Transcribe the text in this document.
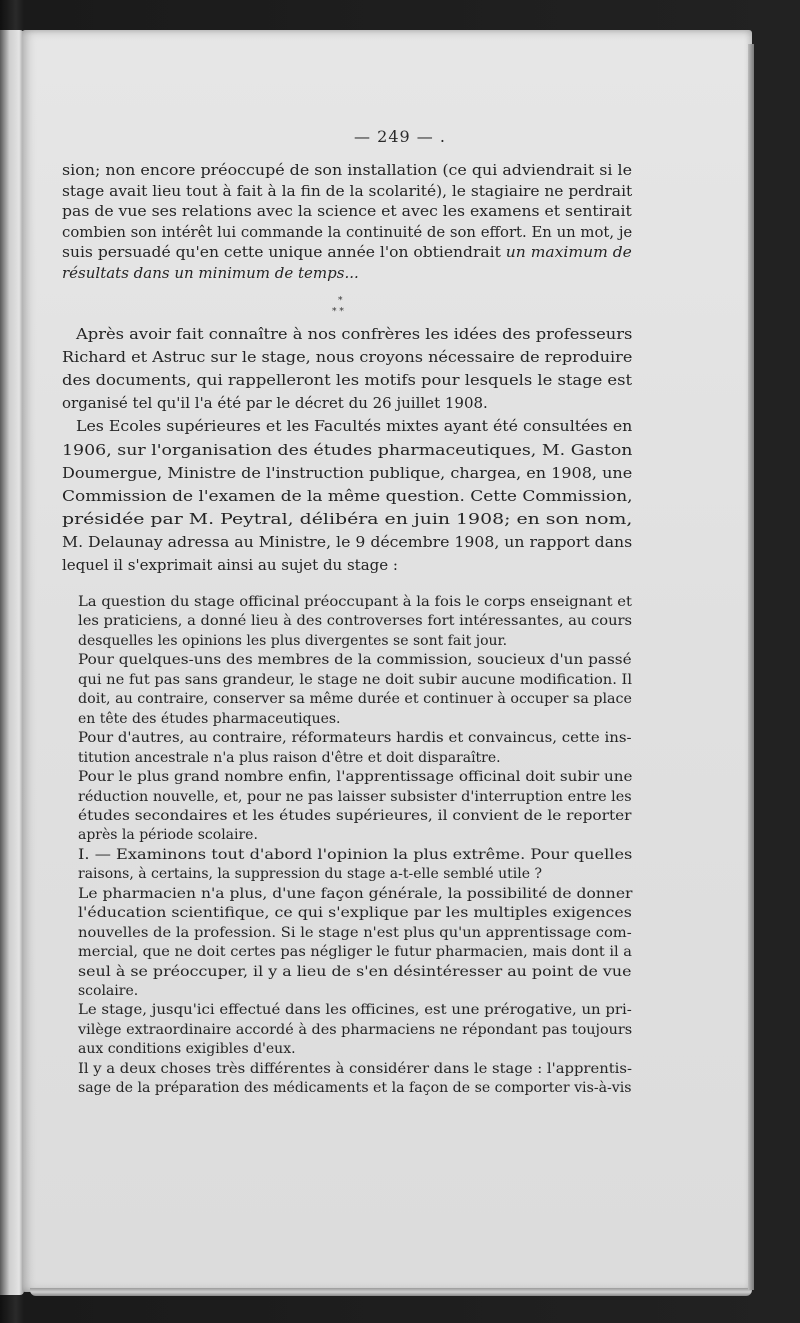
— 249 — .

sion; non encore préoccupé de son installation (ce qui adviendrait si le

stage avait lieu tout à fait à la fin de la scolarité), le stagiaire ne perdrait

pas de vue ses relations avec la science et avec les examens et sentirait

combien son intérêt lui commande la continuité de son effort. En un mot, je

suis persuadé qu'en cette unique année l'on obtiendrait un maximum de

résultats dans un minimum de temps...

*
* *

Après avoir fait connaître à nos confrères les idées des professeurs

Richard et Astruc sur le stage, nous croyons nécessaire de reproduire

des documents, qui rappelleront les motifs pour lesquels le stage est

organisé tel qu'il l'a été par le décret du 26 juillet 1908.

Les Ecoles supérieures et les Facultés mixtes ayant été consultées en

1906, sur l'organisation des études pharmaceutiques, M. Gaston

Doumergue, Ministre de l'instruction publique, chargea, en 1908, une

Commission de l'examen de la même question. Cette Commission,

présidée par M. Peytral, délibéra en juin 1908; en son nom,

M. Delaunay adressa au Ministre, le 9 décembre 1908, un rapport dans

lequel il s'exprimait ainsi au sujet du stage :

La question du stage officinal préoccupant à la fois le corps enseignant et

les praticiens, a donné lieu à des controverses fort intéressantes, au cours

desquelles les opinions les plus divergentes se sont fait jour.

Pour quelques-uns des membres de la commission, soucieux d'un passé

qui ne fut pas sans grandeur, le stage ne doit subir aucune modification. Il

doit, au contraire, conserver sa même durée et continuer à occuper sa place

en tête des études pharmaceutiques.

Pour d'autres, au contraire, réformateurs hardis et convaincus, cette ins-

titution ancestrale n'a plus raison d'être et doit disparaître.

Pour le plus grand nombre enfin, l'apprentissage officinal doit subir une

réduction nouvelle, et, pour ne pas laisser subsister d'interruption entre les

études secondaires et les études supérieures, il convient de le reporter

après la période scolaire.

I. — Examinons tout d'abord l'opinion la plus extrême. Pour quelles

raisons, à certains, la suppression du stage a-t-elle semblé utile ?

Le pharmacien n'a plus, d'une façon générale, la possibilité de donner

l'éducation scientifique, ce qui s'explique par les multiples exigences

nouvelles de la profession. Si le stage n'est plus qu'un apprentissage com-

mercial, que ne doit certes pas négliger le futur pharmacien, mais dont il a

seul à se préoccuper, il y a lieu de s'en désintéresser au point de vue

scolaire.

Le stage, jusqu'ici effectué dans les officines, est une prérogative, un pri-

vilège extraordinaire accordé à des pharmaciens ne répondant pas toujours

aux conditions exigibles d'eux.

Il y a deux choses très différentes à considérer dans le stage : l'apprentis-

sage de la préparation des médicaments et la façon de se comporter vis-à-vis
